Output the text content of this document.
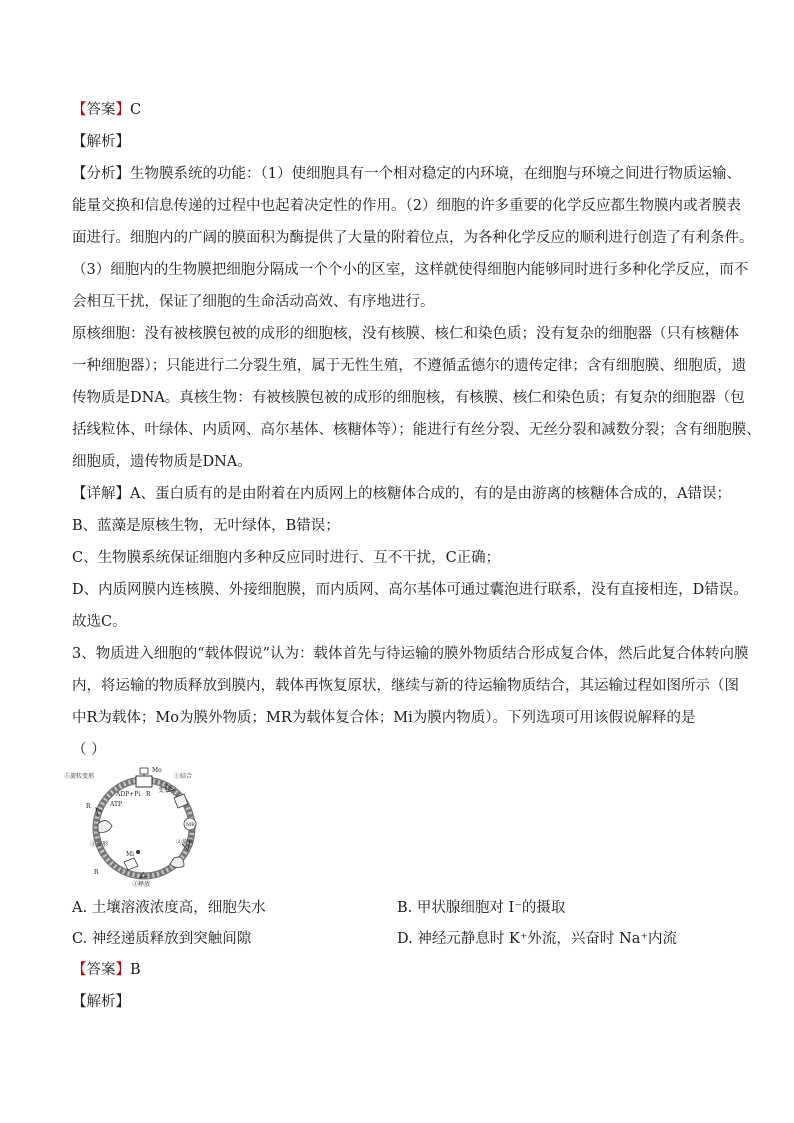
【答案】C
【解析】
【分析】生物膜系统的功能：（1）使细胞具有一个相对稳定的内环境，在细胞与环境之间进行物质运输、
能量交换和信息传递的过程中也起着决定性的作用。（2）细胞的许多重要的化学反应都生物膜内或者膜表
面进行。细胞内的广阔的膜面积为酶提供了大量的附着位点，为各种化学反应的顺利进行创造了有利条件。
（3）细胞内的生物膜把细胞分隔成一个个小的区室，这样就使得细胞内能够同时进行多种化学反应，而不
会相互干扰，保证了细胞的生命活动高效、有序地进行。
原核细胞：没有被核膜包被的成形的细胞核，没有核膜、核仁和染色质；没有复杂的细胞器（只有核糖体
一种细胞器）；只能进行二分裂生殖，属于无性生殖，不遵循孟德尔的遗传定律；含有细胞膜、细胞质，遗
传物质是DNA。真核生物：有被核膜包被的成形的细胞核，有核膜、核仁和染色质；有复杂的细胞器（包
括线粒体、叶绿体、内质网、高尔基体、核糖体等）；能进行有丝分裂、无丝分裂和减数分裂；含有细胞膜、
细胞质，遗传物质是DNA。
【详解】A、蛋白质有的是由附着在内质网上的核糖体合成的，有的是由游离的核糖体合成的，A错误；
B、蓝藻是原核生物，无叶绿体，B错误；
C、生物膜系统保证细胞内多种反应同时进行、互不干扰，C正确；
D、内质网膜内连核膜、外接细胞膜，而内质网、高尔基体可通过囊泡进行联系，没有直接相连，D错误。
故选C。
3、物质进入细胞的“载体假说”认为：载体首先与待运输的膜外物质结合形成复合体，然后此复合体转向膜
内，将运输的物质释放到膜内，载体再恢复原状，继续与新的待运输物质结合，其运输过程如图所示（图
中R为载体；Mo为膜外物质；MR为载体复合体；Mi为膜内物质）。下列选项可用该假说解释的是
（ ）
Mo
R
①结合
变形
ADP+Pi
⑤旋转变形
ATP
R
MR
②旋转
④变形
Mi
R
③释放
A. 土壤溶液浓度高，细胞失水	B. 甲状腺细胞对 I⁻的摄取
C. 神经递质释放到突触间隙	D. 神经元静息时 K⁺外流，兴奋时 Na⁺内流
【答案】B
【解析】
